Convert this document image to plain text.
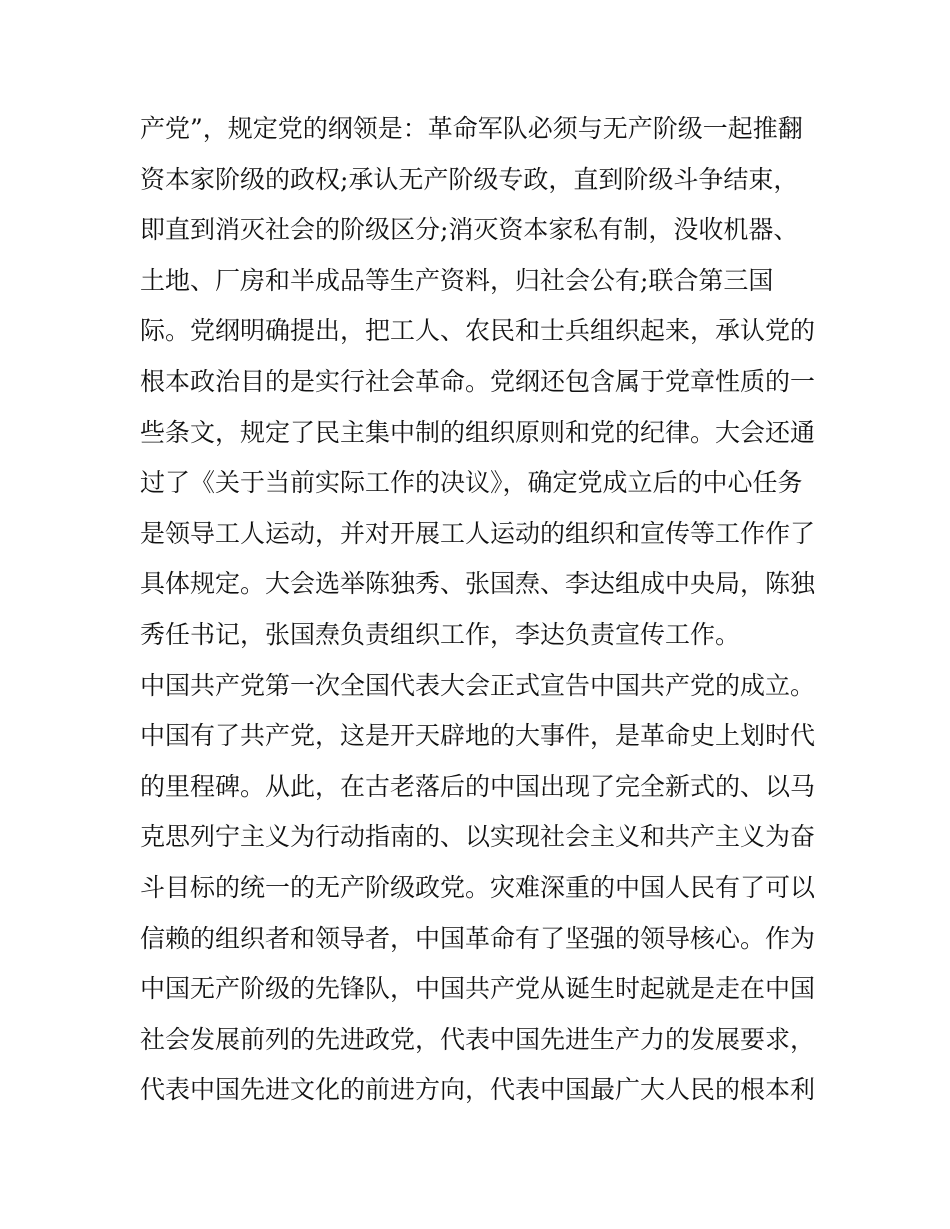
产党”，规定党的纲领是：革命军队必须与无产阶级一起推翻
资本家阶级的政权;承认无产阶级专政，直到阶级斗争结束，
即直到消灭社会的阶级区分;消灭资本家私有制，没收机器、
土地、厂房和半成品等生产资料，归社会公有;联合第三国
际。党纲明确提出，把工人、农民和士兵组织起来，承认党的
根本政治目的是实行社会革命。党纲还包含属于党章性质的一
些条文，规定了民主集中制的组织原则和党的纪律。大会还通
过了《关于当前实际工作的决议》，确定党成立后的中心任务
是领导工人运动，并对开展工人运动的组织和宣传等工作作了
具体规定。大会选举陈独秀、张国焘、李达组成中央局，陈独
秀任书记，张国焘负责组织工作，李达负责宣传工作。
中国共产党第一次全国代表大会正式宣告中国共产党的成立。
中国有了共产党，这是开天辟地的大事件，是革命史上划时代
的里程碑。从此，在古老落后的中国出现了完全新式的、以马
克思列宁主义为行动指南的、以实现社会主义和共产主义为奋
斗目标的统一的无产阶级政党。灾难深重的中国人民有了可以
信赖的组织者和领导者，中国革命有了坚强的领导核心。作为
中国无产阶级的先锋队，中国共产党从诞生时起就是走在中国
社会发展前列的先进政党，代表中国先进生产力的发展要求，
代表中国先进文化的前进方向，代表中国最广大人民的根本利
